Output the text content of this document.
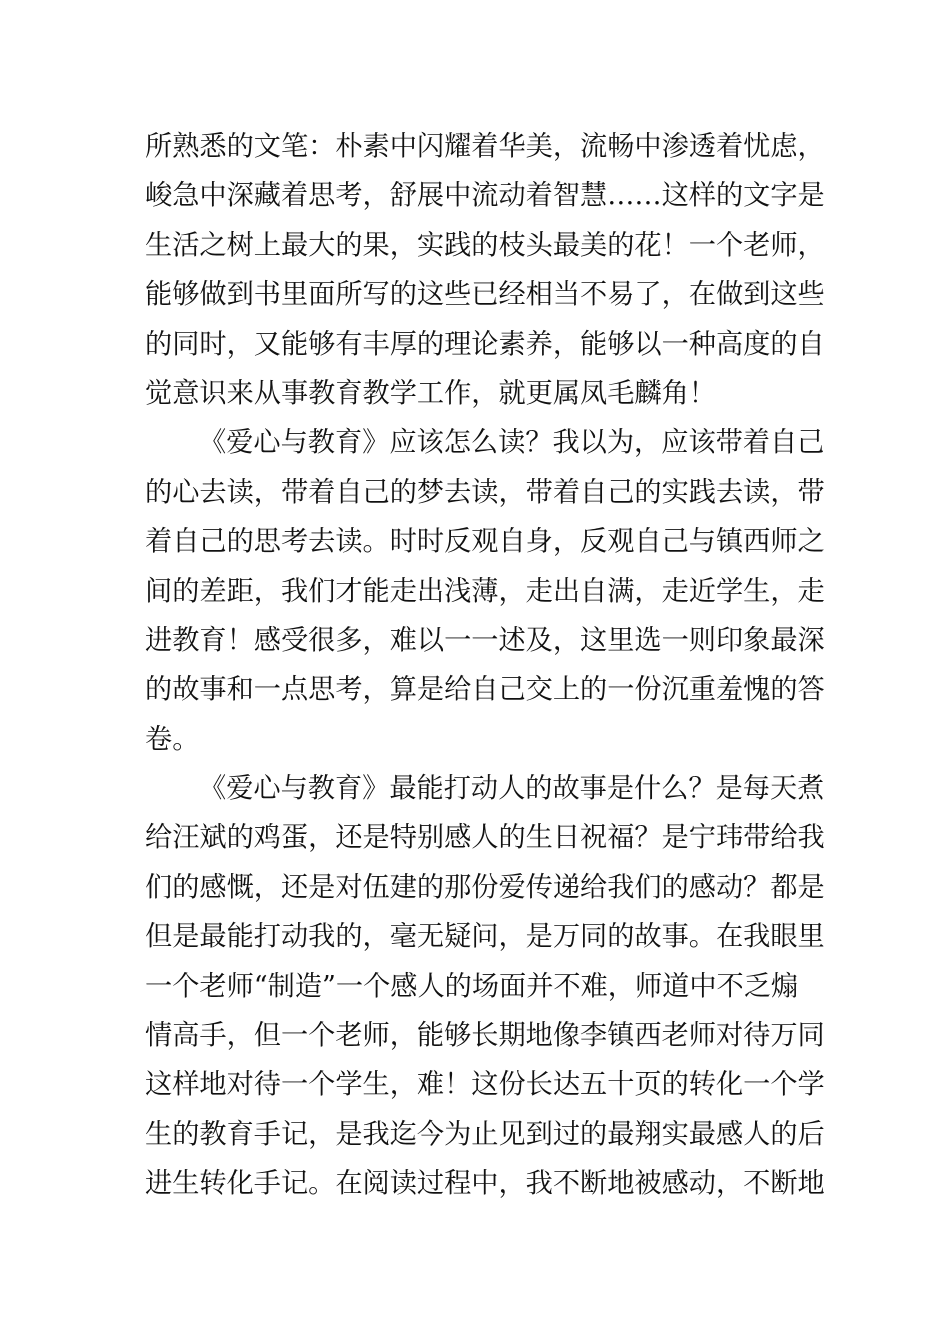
所熟悉的文笔：朴素中闪耀着华美，流畅中渗透着忧虑，
峻急中深藏着思考，舒展中流动着智慧……这样的文字是
生活之树上最大的果，实践的枝头最美的花！一个老师，
能够做到书里面所写的这些已经相当不易了，在做到这些
的同时，又能够有丰厚的理论素养，能够以一种高度的自
觉意识来从事教育教学工作，就更属凤毛麟角！
《爱心与教育》应该怎么读？我以为，应该带着自己
的心去读，带着自己的梦去读，带着自己的实践去读，带
着自己的思考去读。时时反观自身，反观自己与镇西师之
间的差距，我们才能走出浅薄，走出自满，走近学生，走
进教育！感受很多，难以一一述及，这里选一则印象最深
的故事和一点思考，算是给自己交上的一份沉重羞愧的答
卷。
《爱心与教育》最能打动人的故事是什么？是每天煮
给汪斌的鸡蛋，还是特别感人的生日祝福？是宁玮带给我
们的感慨，还是对伍建的那份爱传递给我们的感动？都是
但是最能打动我的，毫无疑问，是万同的故事。在我眼里
一个老师“制造”一个感人的场面并不难，师道中不乏煽
情高手，但一个老师，能够长期地像李镇西老师对待万同
这样地对待一个学生，难！这份长达五十页的转化一个学
生的教育手记，是我迄今为止见到过的最翔实最感人的后
进生转化手记。在阅读过程中，我不断地被感动，不断地
